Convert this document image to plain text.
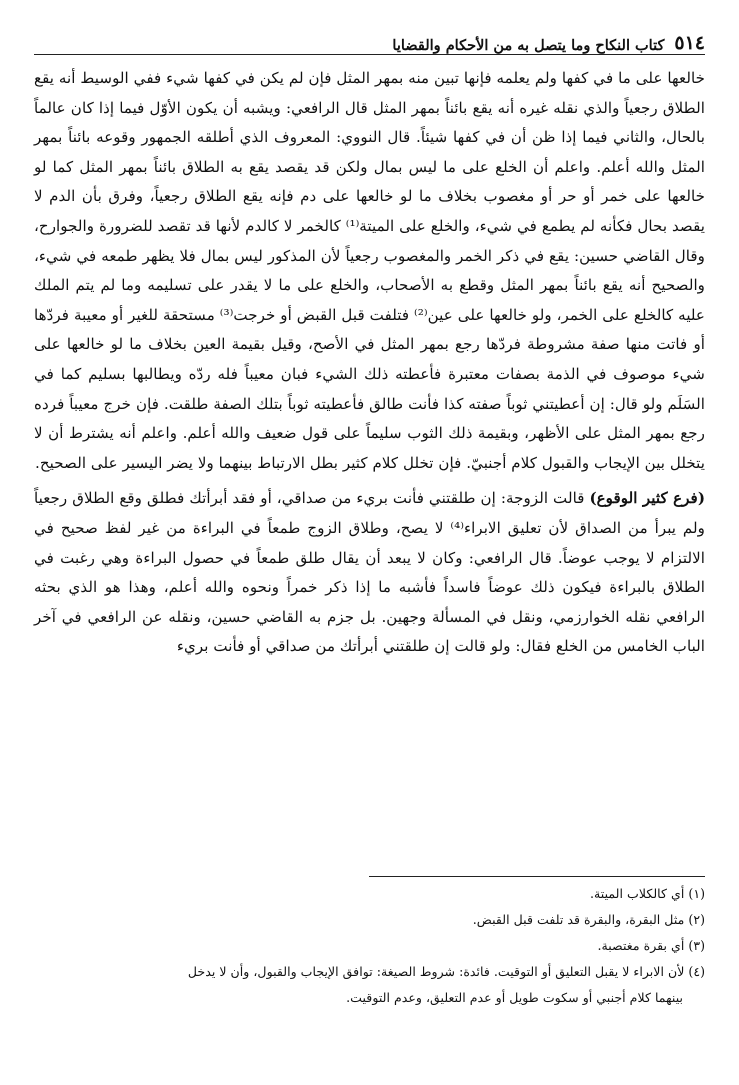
٥١٤
كتاب النكاح وما يتصل به من الأحكام والقضايا

خالعها على ما في كفها ولم يعلمه فإنها تبين منه بمهر المثل فإن لم يكن في كفها شيء ففي الوسيط أنه يقع الطلاق رجعياً والذي نقله غيره أنه يقع بائناً بمهر المثل قال الرافعي: ويشبه أن يكون الأوّل فيما إذا كان عالماً بالحال، والثاني فيما إذا ظن أن في كفها شيئاً. قال النووي: المعروف الذي أطلقه الجمهور وقوعه بائناً بمهر المثل والله أعلم. واعلم أن الخلع على ما ليس بمال ولكن قد يقصد يقع به الطلاق بائناً بمهر المثل كما لو خالعها على خمر أو حر أو مغصوب بخلاف ما لو خالعها على دم فإنه يقع الطلاق رجعياً، وفرق بأن الدم لا يقصد بحال فكأنه لم يطمع في شيء، والخلع على الميتة⁽¹⁾ كالخمر لا كالدم لأنها قد تقصد للضرورة والجوارح، وقال القاضي حسين: يقع في ذكر الخمر والمغصوب رجعياً لأن المذكور ليس بمال فلا يظهر طمعه في شيء، والصحيح أنه يقع بائناً بمهر المثل وقطع به الأصحاب، والخلع على ما لا يقدر على تسليمه وما لم يتم الملك عليه كالخلع على الخمر، ولو خالعها على عين⁽²⁾ فتلفت قبل القبض أو خرجت⁽³⁾ مستحقة للغير أو معيبة فردّها أو فاتت منها صفة مشروطة فردّها رجع بمهر المثل في الأصح، وقيل بقيمة العين بخلاف ما لو خالعها على شيء موصوف في الذمة بصفات معتبرة فأعطته ذلك الشيء فبان معيباً فله ردّه ويطالبها بسليم كما في السَلَم ولو قال: إن أعطيتني ثوباً صفته كذا فأنت طالق فأعطيته ثوباً بتلك الصفة طلقت. فإن خرج معيباً فرده رجع بمهر المثل على الأظهر، وبقيمة ذلك الثوب سليماً على قول ضعيف والله أعلم. واعلم أنه يشترط أن لا يتخلل بين الإيجاب والقبول كلام أجنبيّ. فإن تخلل كلام كثير بطل الارتباط بينهما ولا يضر اليسير على الصحيح.

(فرع كثير الوقوع) قالت الزوجة: إن طلقتني فأنت بريء من صداقي، أو فقد أبرأتك فطلق وقع الطلاق رجعياً ولم يبرأ من الصداق لأن تعليق الابراء⁽⁴⁾ لا يصح، وطلاق الزوج طمعاً في البراءة من غير لفظ صحيح في الالتزام لا يوجب عوضاً. قال الرافعي: وكان لا يبعد أن يقال طلق طمعاً في حصول البراءة وهي رغبت في الطلاق بالبراءة فيكون ذلك عوضاً فاسداً فأشبه ما إذا ذكر خمراً ونحوه والله أعلم، وهذا هو الذي بحثه الرافعي نقله الخوارزمي، ونقل في المسألة وجهين. بل جزم به القاضي حسين، ونقله عن الرافعي في آخر الباب الخامس من الخلع فقال: ولو قالت إن طلقتني أبرأتك من صداقي أو فأنت بريء

(١)أي كالكلاب الميتة.

(٢)مثل البقرة، والبقرة قد تلفت قبل القبض.

(٣)أي بقرة مغتصبة.

(٤)لأن الابراء لا يقبل التعليق أو التوقيت. فائدة: شروط الصيغة: توافق الإيجاب والقبول، وأن لا يدخل

بينهما كلام أجنبي أو سكوت طويل أو عدم التعليق، وعدم التوقيت.
